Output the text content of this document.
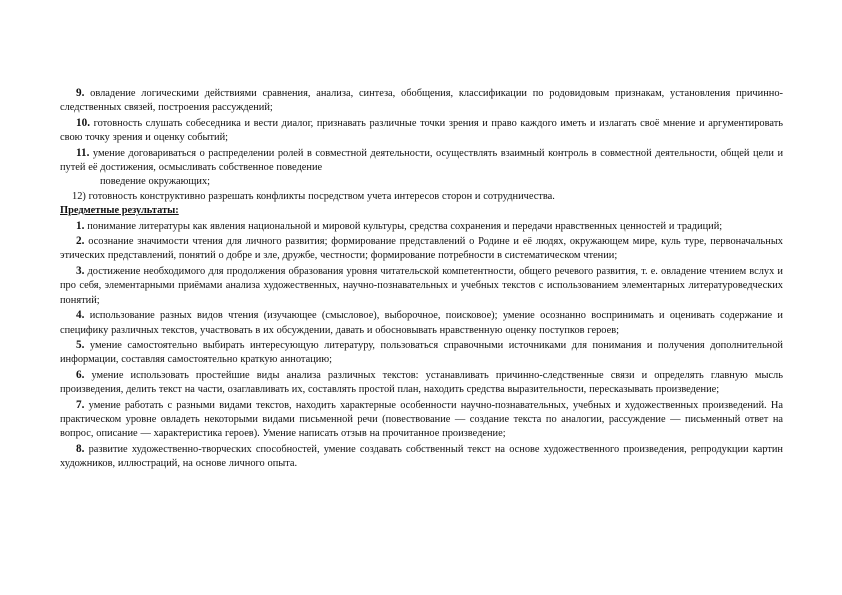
9. овладение логическими действиями сравнения, анализа, синтеза, обобщения, классификации по родовидовым признакам, установления причинно-следственных связей, построения рассуждений;

10. готовность слушать собеседника и вести диалог, признавать различные точки зрения и право каждого иметь и излагать своё мнение и аргументировать свою точку зрения и оценку событий;

11. умение договариваться о распределении ролей в совместной деятельности, осуществлять взаимный контроль в совместной деятельности, общей цели и путей её достижения, осмысливать собственное поведение

поведение окружающих;

12) готовность конструктивно разрешать конфликты посредством учета интересов сторон и сотрудничества.

Предметные результаты:

1. понимание литературы как явления национальной и мировой культуры, средства сохранения и передачи нравственных ценностей и традиций;

2. осознание значимости чтения для личного развития; формирование представлений о Родине и её людях, окружающем мире, куль туре, первоначальных этических представлений, понятий о добре и зле, дружбе, честности; формирование потребности в систематическом чтении;

3. достижение необходимого для продолжения образования уровня читательской компетентности, общего речевого развития, т. е. овладение чтением вслух и про себя, элементарными приёмами анализа художественных, научно-познавательных и учебных текстов с использованием элементарных литературоведческих понятий;

4. использование разных видов чтения (изучающее (смысловое), выборочное, поисковое); умение осознанно воспринимать и оценивать содержание и специфику различных текстов, участвовать в их обсуждении, давать и обосновывать нравственную оценку поступков героев;

5. умение самостоятельно выбирать интересующую литературу, пользоваться справочными источниками для понимания и получения дополнительной информации, составляя самостоятельно краткую аннотацию;

6. умение использовать простейшие виды анализа различных текстов: устанавливать причинно-следственные связи и определять главную мысль произведения, делить текст на части, озаглавливать их, составлять простой план, находить средства выразительности, пересказывать произведение;

7. умение работать с разными видами текстов, находить характерные особенности научно-познавательных, учебных и художественных произведений. На практическом уровне овладеть некоторыми видами письменной речи (повествование — создание текста по аналогии, рассуждение — письменный ответ на вопрос, описание — характеристика героев). Умение написать отзыв на прочитанное произведение;

8. развитие художественно-творческих способностей, умение создавать собственный текст на основе художественного произведения, репродукции картин художников, иллюстраций, на основе личного опыта.
